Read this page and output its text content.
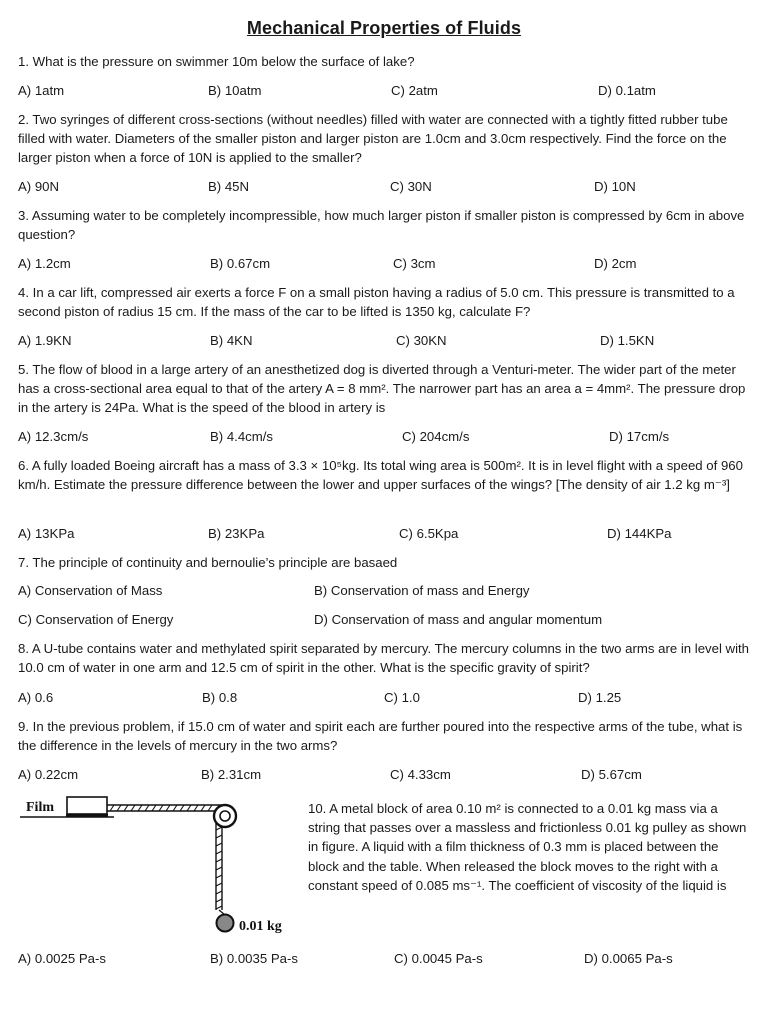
Mechanical Properties of Fluids
1. What is the pressure on swimmer 10m below the surface of lake?
A) 1atm	B) 10atm	C) 2atm	D) 0.1atm
2. Two syringes of different cross-sections (without needles) filled with water are connected with a tightly fitted rubber tube filled with water. Diameters of the smaller piston and larger piston are 1.0cm and 3.0cm respectively. Find the force on the larger piston when a force of 10N is applied to the smaller?
A) 90N	B) 45N	C) 30N	D) 10N
3. Assuming water to be completely incompressible, how much larger piston if smaller piston is compressed by 6cm in above question?
A) 1.2cm	B) 0.67cm	C) 3cm	D) 2cm
4. In a car lift, compressed air exerts a force F on a small piston having a radius of 5.0 cm. This pressure is transmitted to a second piston of radius 15 cm. If the mass of the car to be lifted is 1350 kg, calculate F?
A) 1.9KN	B) 4KN	C) 30KN	D) 1.5KN
5. The flow of blood in a large artery of an anesthetized dog is diverted through a Venturi-meter. The wider part of the meter has a cross-sectional area equal to that of the artery A = 8 mm². The narrower part has an area a = 4mm². The pressure drop in the artery is 24Pa. What is the speed of the blood in artery is
A) 12.3cm/s	B) 4.4cm/s	C) 204cm/s	D) 17cm/s
6. A fully loaded Boeing aircraft has a mass of 3.3 × 10⁵kg. Its total wing area is 500m². It is in level flight with a speed of 960 km/h. Estimate the pressure difference between the lower and upper surfaces of the wings? [The density of air 1.2 kg m⁻³]
A) 13KPa	B) 23KPa	C) 6.5Kpa	D) 144KPa
7. The principle of continuity and bernoulie’s principle are basaed
A) Conservation of Mass	B) Conservation of mass and Energy
C) Conservation of Energy	D) Conservation of mass and angular momentum
8. A U-tube contains water and methylated spirit separated by mercury. The mercury columns in the two arms are in level with 10.0 cm of water in one arm and 12.5 cm of spirit in the other. What is the specific gravity of spirit?
A) 0.6	B) 0.8	C) 1.0	D) 1.25
9. In the previous problem, if 15.0 cm of water and spirit each are further poured into the respective arms of the tube, what is the difference in the levels of mercury in the two arms?
A) 0.22cm	B) 2.31cm	C) 4.33cm	D) 5.67cm
Film
0.01 kg
10. A metal block of area 0.10 m² is connected to a 0.01 kg mass via a string that passes over a massless and frictionless 0.01 kg pulley as shown in figure. A liquid with a film thickness of 0.3 mm is placed between the block and the table. When released the block moves to the right with a constant speed of 0.085 ms⁻¹. The coefficient of viscosity of the liquid is
A) 0.0025 Pa-s	B) 0.0035 Pa-s	C) 0.0045 Pa-s	D) 0.0065 Pa-s
